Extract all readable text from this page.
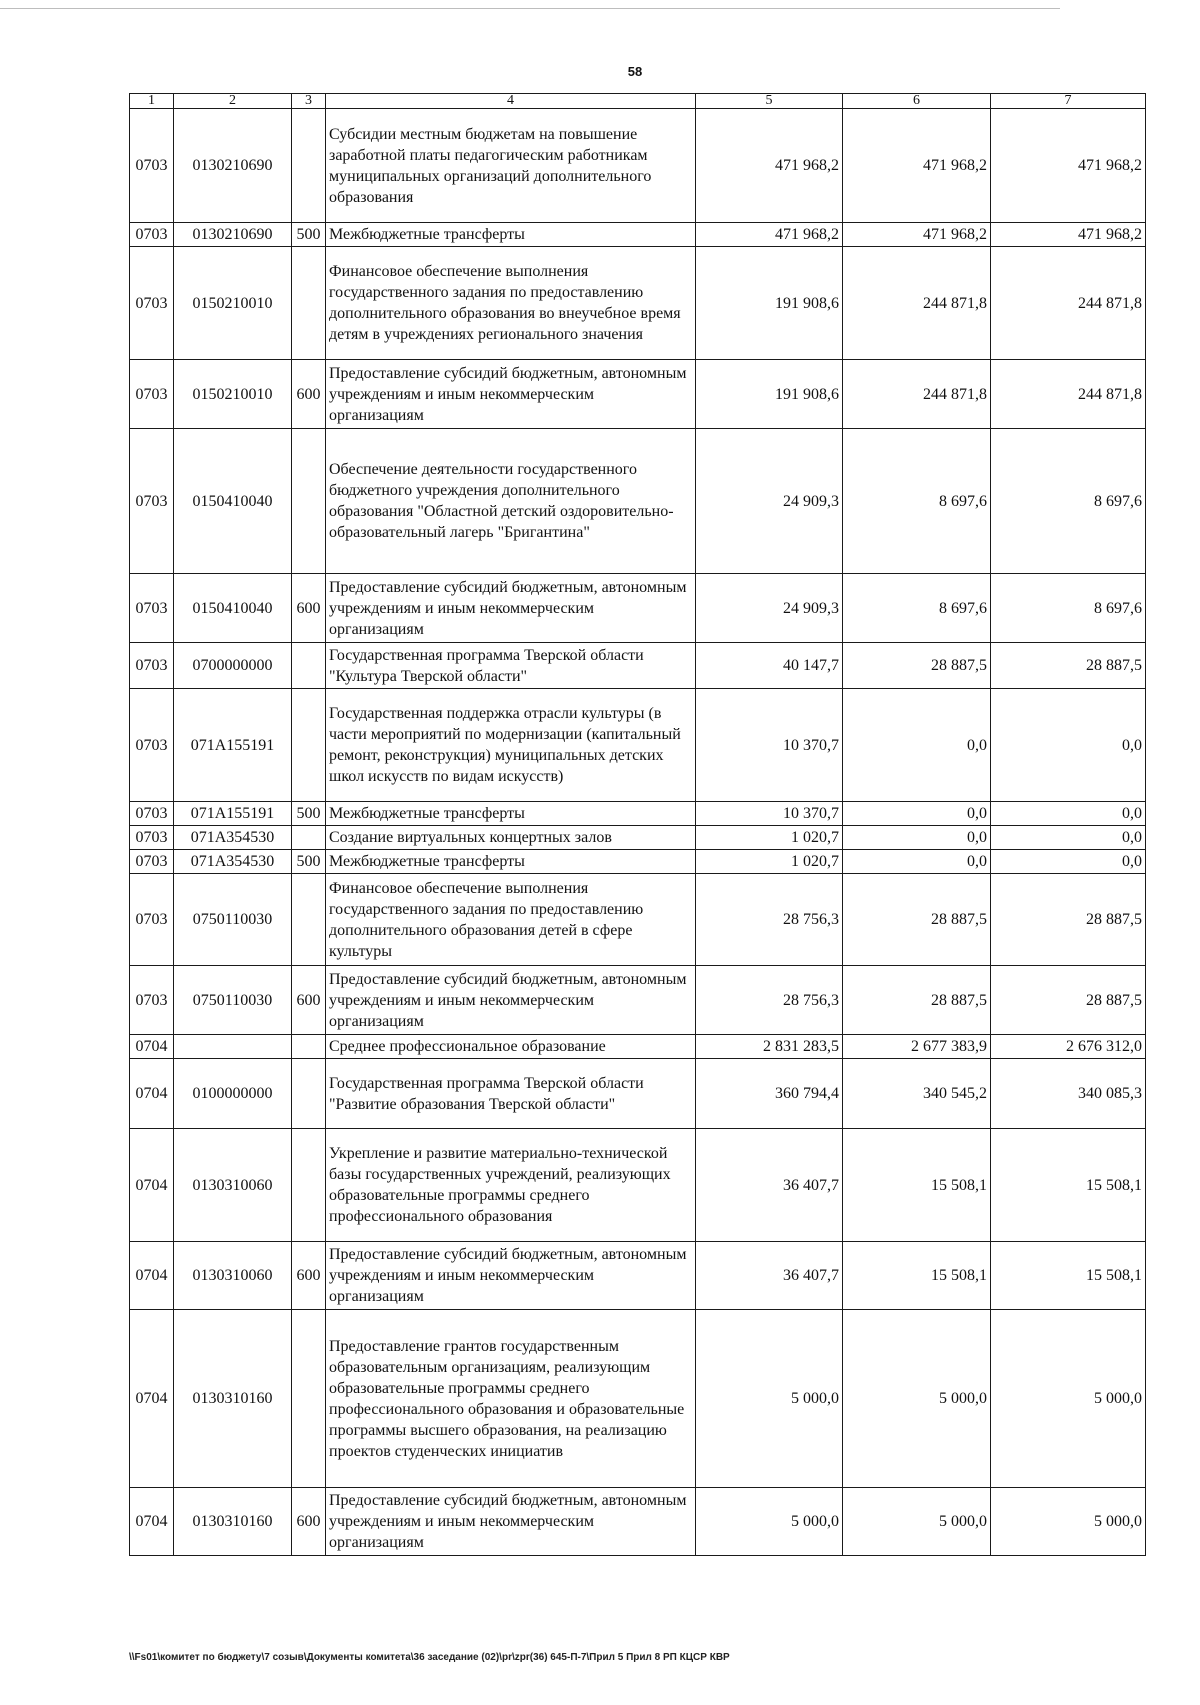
58
1	2	3	4	5	6	7
0703	0130210690		Субсидии местным бюджетам на повышение заработной платы педагогическим работникам муниципальных организаций дополнительного образования	471 968,2	471 968,2	471 968,2
0703	0130210690	500	Межбюджетные трансферты	471 968,2	471 968,2	471 968,2
0703	0150210010		Финансовое обеспечение выполнения государственного задания по предоставлению дополнительного образования во внеучебное время детям в учреждениях регионального значения	191 908,6	244 871,8	244 871,8
0703	0150210010	600	Предоставление субсидий бюджетным, автономным учреждениям и иным некоммерческим организациям	191 908,6	244 871,8	244 871,8
0703	0150410040		Обеспечение деятельности государственного бюджетного учреждения дополнительного образования "Областной детский оздоровительно-образовательный лагерь "Бригантина"	24 909,3	8 697,6	8 697,6
0703	0150410040	600	Предоставление субсидий бюджетным, автономным учреждениям и иным некоммерческим организациям	24 909,3	8 697,6	8 697,6
0703	0700000000		Государственная программа Тверской области "Культура Тверской области"	40 147,7	28 887,5	28 887,5
0703	071A155191		Государственная поддержка отрасли культуры (в части мероприятий по модернизации (капитальный ремонт, реконструкция) муниципальных детских школ искусств по видам искусств)	10 370,7	0,0	0,0
0703	071A155191	500	Межбюджетные трансферты	10 370,7	0,0	0,0
0703	071A354530		Создание виртуальных концертных залов	1 020,7	0,0	0,0
0703	071A354530	500	Межбюджетные трансферты	1 020,7	0,0	0,0
0703	0750110030		Финансовое обеспечение выполнения государственного задания по предоставлению дополнительного образования детей в сфере культуры	28 756,3	28 887,5	28 887,5
0703	0750110030	600	Предоставление субсидий бюджетным, автономным учреждениям и иным некоммерческим организациям	28 756,3	28 887,5	28 887,5
0704			Среднее профессиональное образование	2 831 283,5	2 677 383,9	2 676 312,0
0704	0100000000		Государственная программа Тверской области "Развитие образования Тверской области"	360 794,4	340 545,2	340 085,3
0704	0130310060		Укрепление и развитие материально-технической базы государственных учреждений, реализующих образовательные программы среднего профессионального образования	36 407,7	15 508,1	15 508,1
0704	0130310060	600	Предоставление субсидий бюджетным, автономным учреждениям и иным некоммерческим организациям	36 407,7	15 508,1	15 508,1
0704	0130310160		Предоставление грантов государственным образовательным организациям, реализующим образовательные программы среднего профессионального образования и образовательные программы высшего образования, на реализацию проектов студенческих инициатив	5 000,0	5 000,0	5 000,0
0704	0130310160	600	Предоставление субсидий бюджетным, автономным учреждениям и иным некоммерческим организациям	5 000,0	5 000,0	5 000,0
\\Fs01\комитет по бюджету\7 созыв\Документы комитета\36 заседание (02)\pr\zpr(36) 645-П-7\Прил 5 Прил 8 РП КЦСР КВР
